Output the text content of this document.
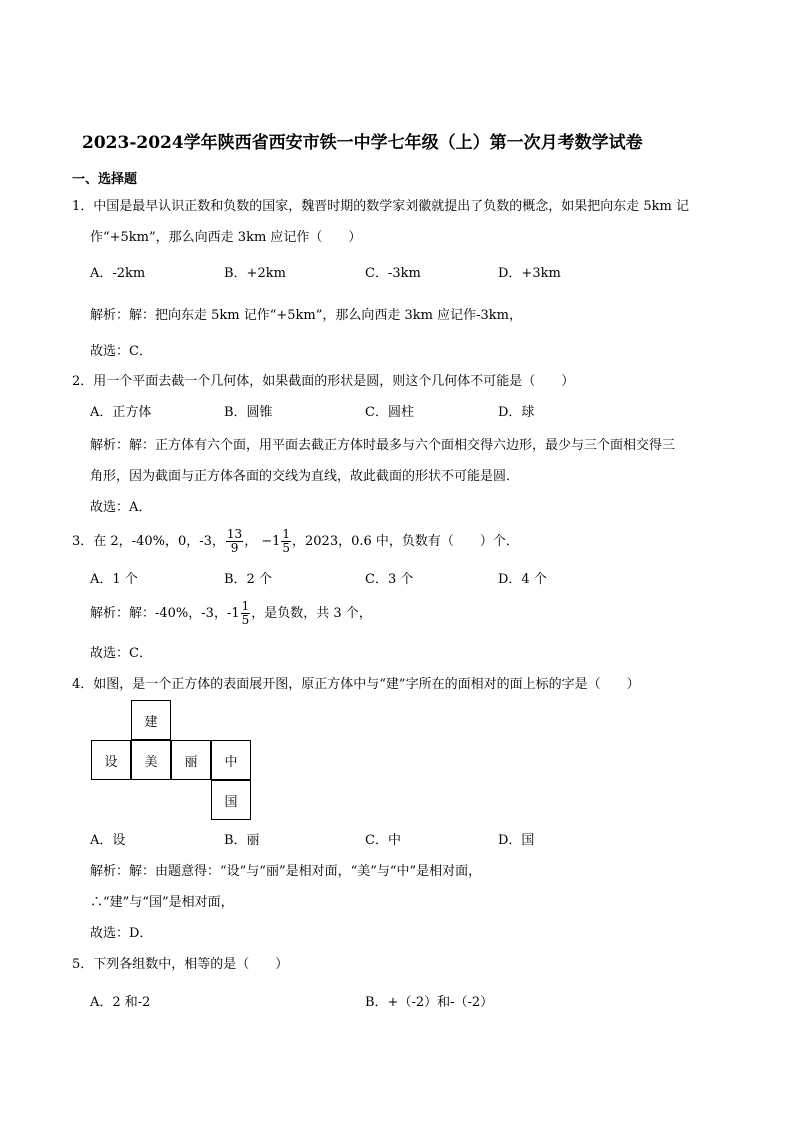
2023-2024学年陕西省西安市铁一中学七年级（上）第一次月考数学试卷
一、选择题
1．中国是最早认识正数和负数的国家，魏晋时期的数学家刘徽就提出了负数的概念，如果把向东走 5km 记
作“+5km”，那么向西走 3km 应记作（　　）
A．-2km	B．+2km	C．-3km	D．+3km
解析：解：把向东走 5km 记作“+5km”，那么向西走 3km 应记作-3km，
故选：C．
2．用一个平面去截一个几何体，如果截面的形状是圆，则这个几何体不可能是（　　）
A．正方体	B．圆锥	C．圆柱	D．球
解析：解：正方体有六个面，用平面去截正方体时最多与六个面相交得六边形，最少与三个面相交得三
角形，因为截面与正方体各面的交线为直线，故此截面的形状不可能是圆．
故选：A．
3．在 2，-40%，0，-3， $\frac{13}{9}$ ， $-1 \frac{1}{5}$ ，2023，0.6 中，负数有（　　）个．
A．1 个	B．2 个	C．3 个	D．4 个
解析：解：-40%，-3，$-1 \frac{1}{5}$ ，是负数，共 3 个，
故选：C．
4．如图，是一个正方体的表面展开图，原正方体中与“建”字所在的面相对的面上标的字是（　　）
建
设	美	丽	中
国
A．设	B．丽	C．中	D．国
解析：解：由题意得：“设”与“丽”是相对面，“美”与“中”是相对面，
∴“建”与“国”是相对面，
故选：D．
5．下列各组数中，相等的是（　　）
A．2 和-2	B．+（-2）和-（-2）
